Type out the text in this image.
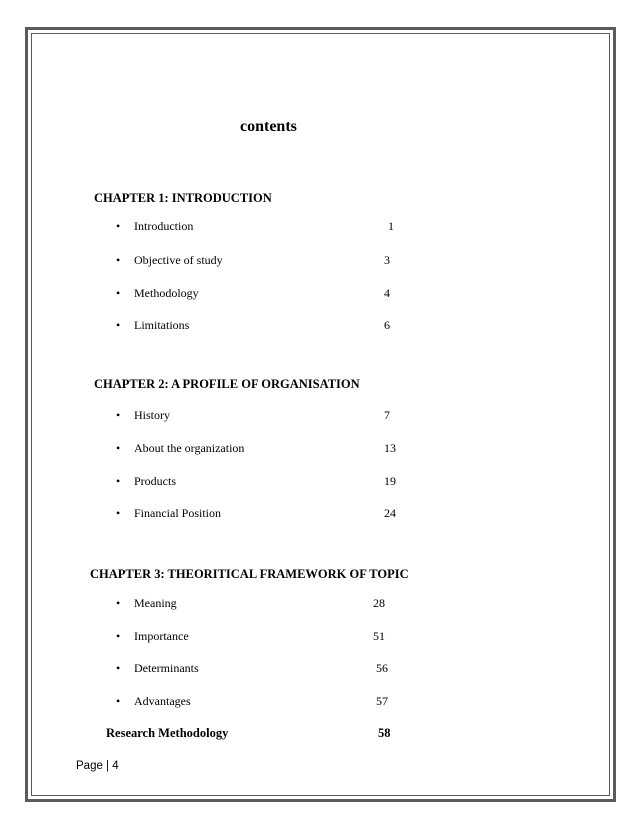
contents
CHAPTER 1: INTRODUCTION
• Introduction	1
• Objective of study	3
• Methodology	4
• Limitations	6
CHAPTER 2: A PROFILE OF ORGANISATION
• History	7
• About the organization	13
• Products	19
• Financial Position	24
CHAPTER 3: THEORITICAL FRAMEWORK OF TOPIC
• Meaning	28
• Importance	51
• Determinants	56
• Advantages	57
Research Methodology	58
Page | 4
